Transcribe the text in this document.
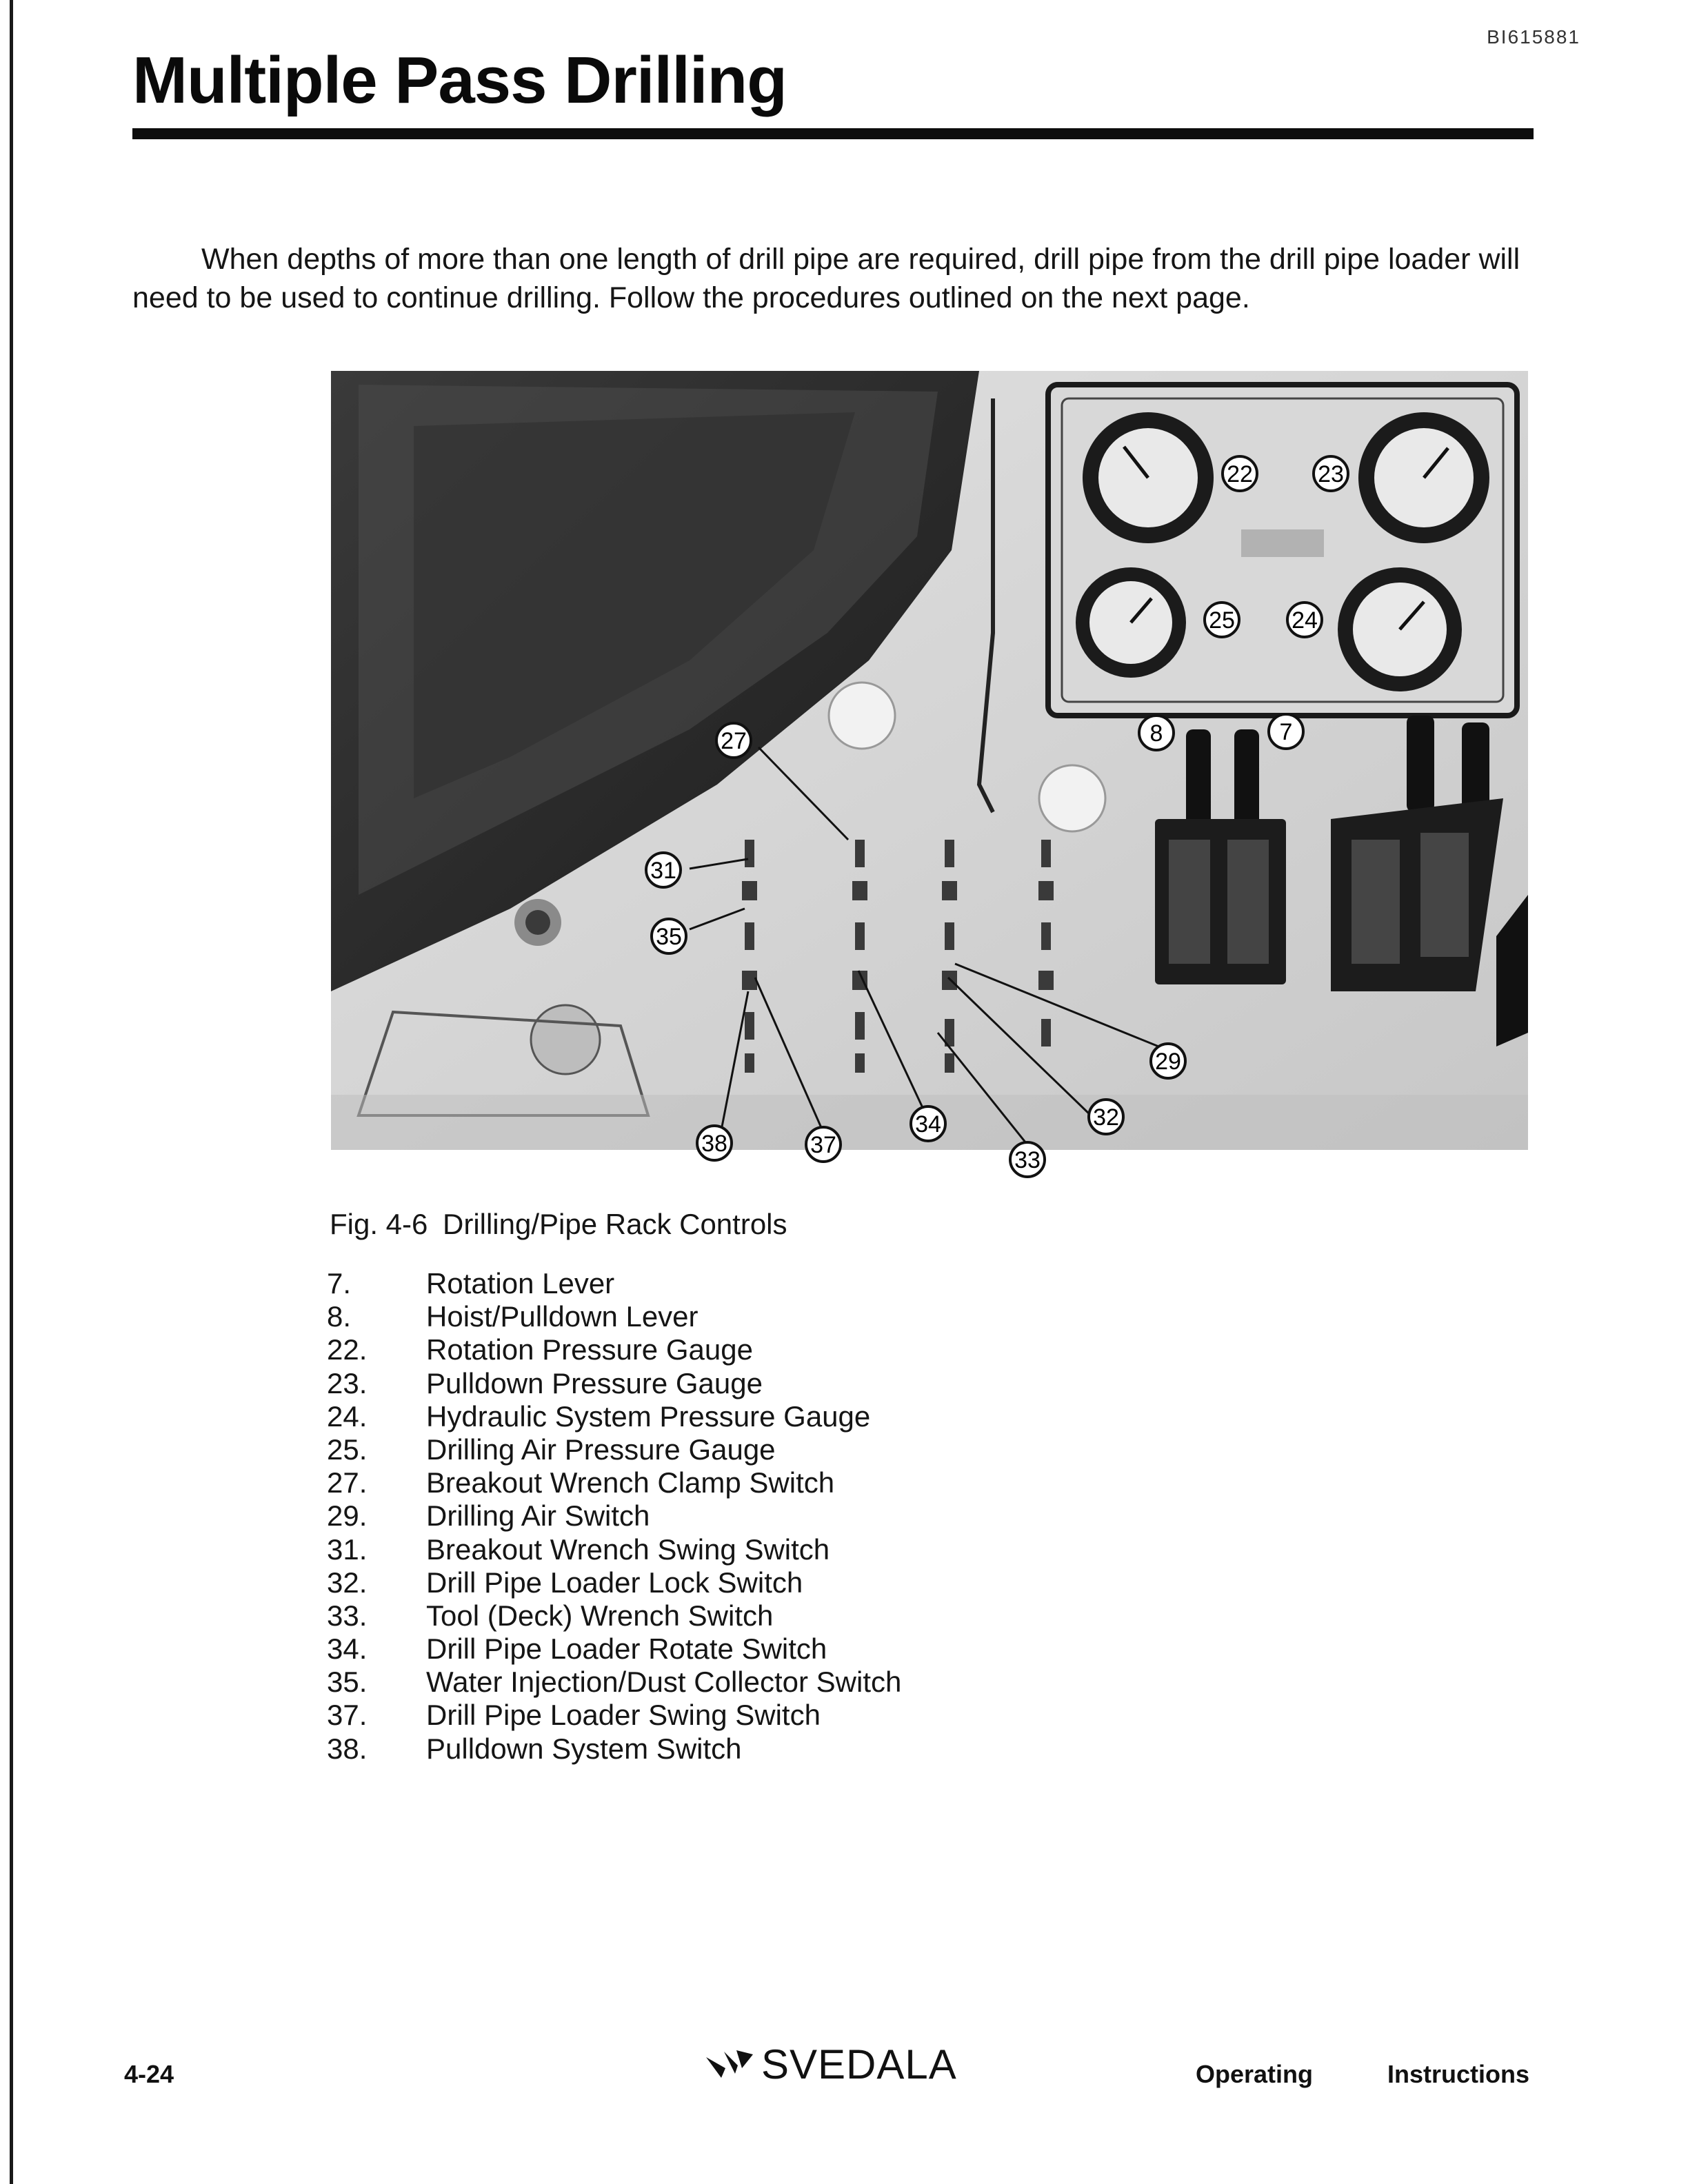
BI615881
Multiple Pass Drilling

When depths of more than one length of drill pipe are required, drill pipe from the drill pipe loader will
need to be used to continue drilling. Follow the procedures outlined on the next page.

22	23
25 24
8	7
27
31
35
29
32
34
33
38	37

Fig. 4-6 Drilling/Pipe Rack Controls

7.	Rotation Lever
8.	Hoist/Pulldown Lever
22. Rotation Pressure Gauge
23. Pulldown Pressure Gauge
24. Hydraulic System Pressure Gauge
25. Drilling Air Pressure Gauge
27. Breakout Wrench Clamp Switch
29. Drilling Air Switch
31. Breakout Wrench Swing Switch
32. Drill Pipe Loader Lock Switch
33. Tool (Deck) Wrench Switch
34. Drill Pipe Loader Rotate Switch
35. Water Injection/Dust Collector Switch
37. Drill Pipe Loader Swing Switch
38. Pulldown System Switch
4-24	SVEDALA	Operating	Instructions
